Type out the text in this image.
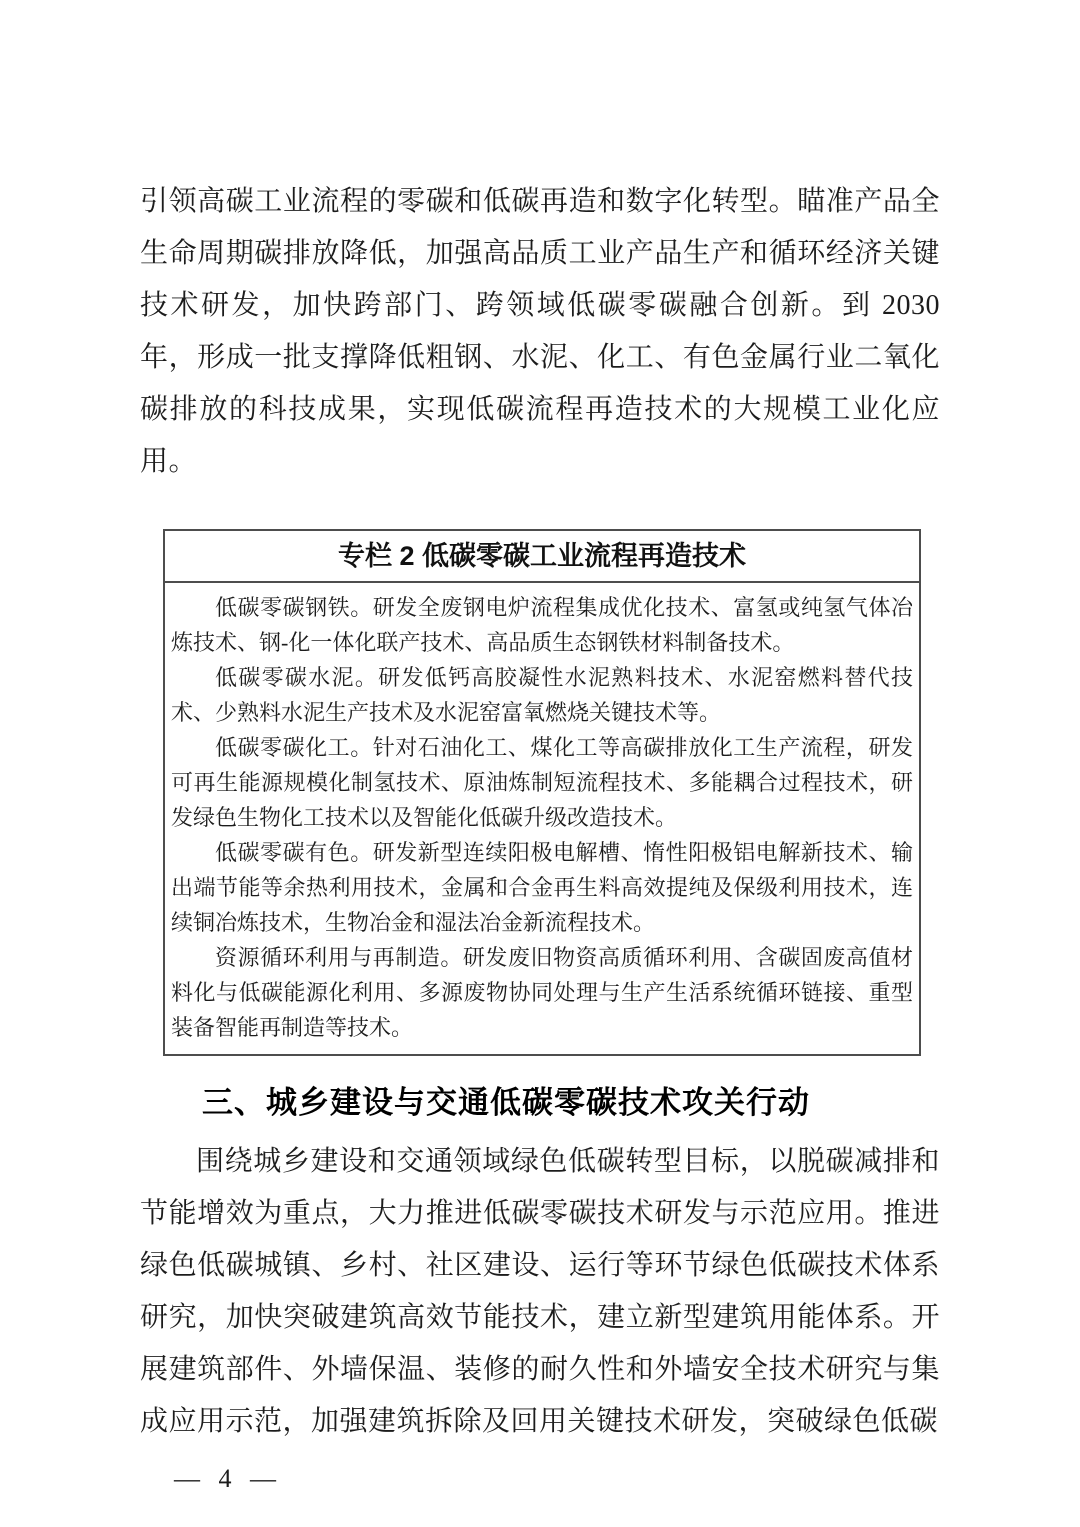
引领高碳工业流程的零碳和低碳再造和数字化转型。瞄准产品全生命周期碳排放降低，加强高品质工业产品生产和循环经济关键技术研发，加快跨部门、跨领域低碳零碳融合创新。到 2030 年，形成一批支撑降低粗钢、水泥、化工、有色金属行业二氧化碳排放的科技成果，实现低碳流程再造技术的大规模工业化应用。

专栏 2 低碳零碳工业流程再造技术

低碳零碳钢铁。研发全废钢电炉流程集成优化技术、富氢或纯氢气体冶炼技术、钢-化一体化联产技术、高品质生态钢铁材料制备技术。

低碳零碳水泥。研发低钙高胶凝性水泥熟料技术、水泥窑燃料替代技术、少熟料水泥生产技术及水泥窑富氧燃烧关键技术等。

低碳零碳化工。针对石油化工、煤化工等高碳排放化工生产流程，研发可再生能源规模化制氢技术、原油炼制短流程技术、多能耦合过程技术，研发绿色生物化工技术以及智能化低碳升级改造技术。

低碳零碳有色。研发新型连续阳极电解槽、惰性阳极铝电解新技术、输出端节能等余热利用技术，金属和合金再生料高效提纯及保级利用技术，连续铜冶炼技术，生物冶金和湿法冶金新流程技术。

资源循环利用与再制造。研发废旧物资高质循环利用、含碳固废高值材料化与低碳能源化利用、多源废物协同处理与生产生活系统循环链接、重型装备智能再制造等技术。

三、城乡建设与交通低碳零碳技术攻关行动

围绕城乡建设和交通领域绿色低碳转型目标，以脱碳减排和节能增效为重点，大力推进低碳零碳技术研发与示范应用。推进绿色低碳城镇、乡村、社区建设、运行等环节绿色低碳技术体系研究，加快突破建筑高效节能技术，建立新型建筑用能体系。开展建筑部件、外墙保温、装修的耐久性和外墙安全技术研究与集成应用示范，加强建筑拆除及回用关键技术研发，突破绿色低碳

— 4 —
